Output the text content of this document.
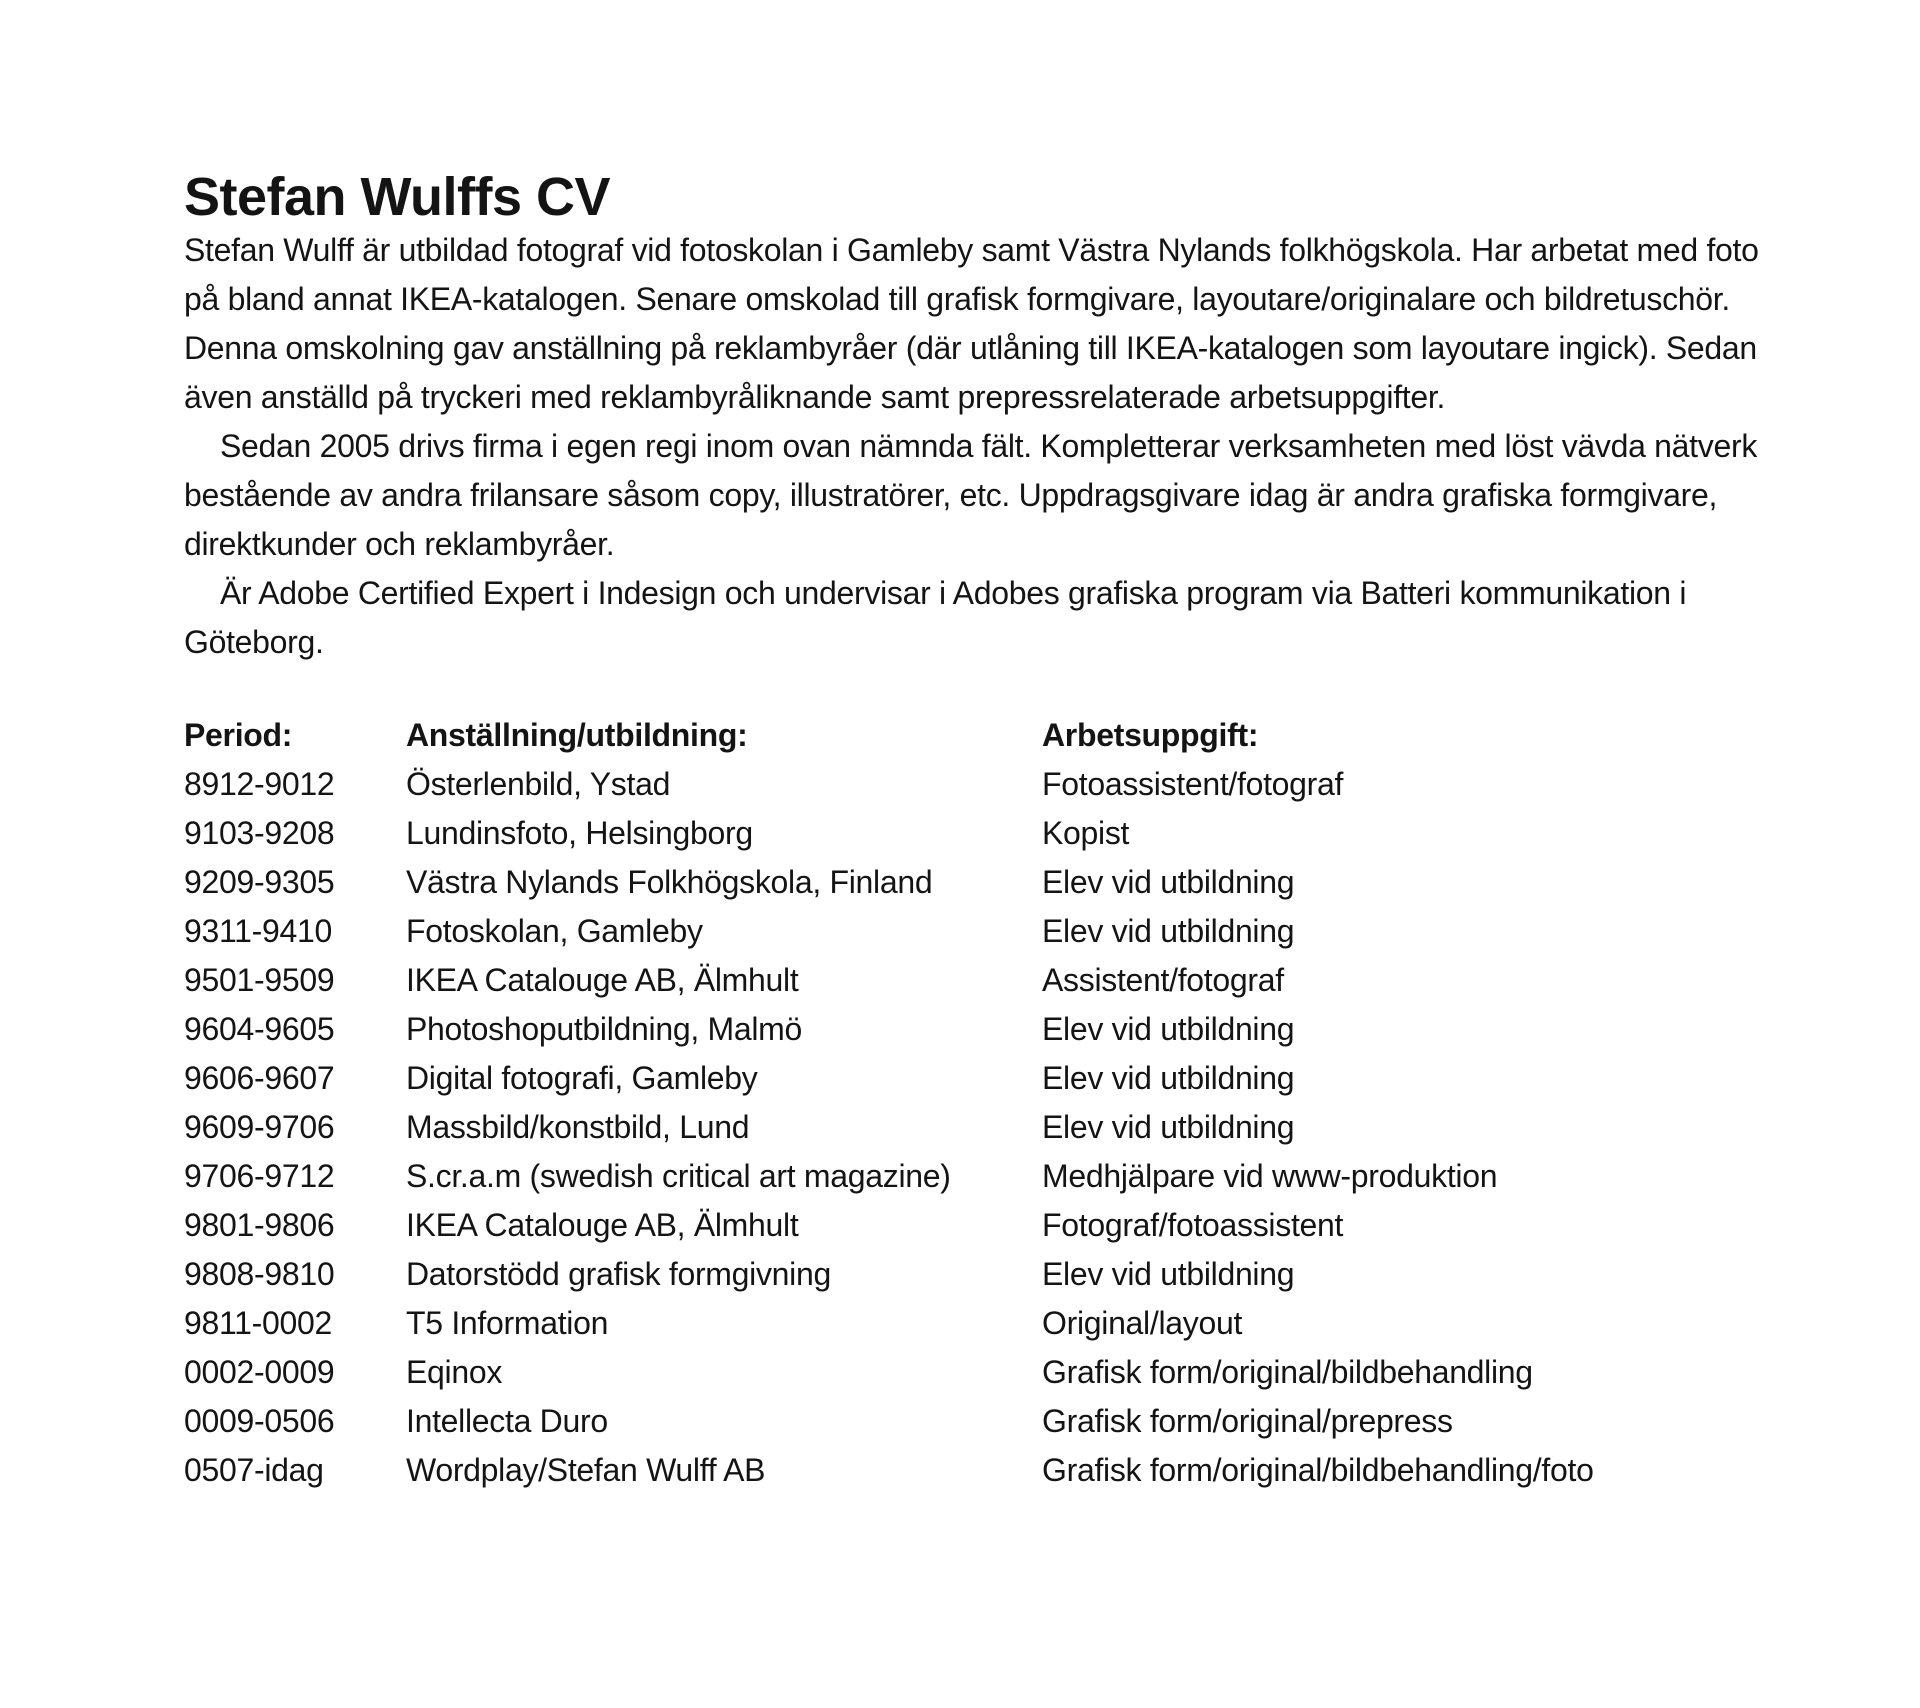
Stefan Wulffs CV

Stefan Wulff är utbildad fotograf vid fotoskolan i Gamleby samt Västra Nylands folkhögskola. Har arbetat med foto på bland annat IKEA-katalogen. Senare omskolad till grafisk formgivare, layoutare/originalare och bildretuschör. Denna omskolning gav anställning på reklambyråer (där utlåning till IKEA-katalogen som layoutare ingick). Sedan även anställd på tryckeri med reklambyråliknande samt prepressrelaterade arbetsuppgifter.

Sedan 2005 drivs firma i egen regi inom ovan nämnda fält. Kompletterar verksamheten med löst vävda nätverk bestående av andra frilansare såsom copy, illustratörer, etc. Uppdragsgivare idag är andra grafiska formgivare, direktkunder och reklambyråer.

Är Adobe Certified Expert i Indesign och undervisar i Adobes grafiska program via Batteri kommunikation i Göteborg.

Period:	Anställning/utbildning:	Arbetsuppgift:
8912-9012	Österlenbild, Ystad	Fotoassistent/fotograf
9103-9208	Lundinsfoto, Helsingborg	Kopist
9209-9305	Västra Nylands Folkhögskola, Finland	Elev vid utbildning
9311-9410	Fotoskolan, Gamleby	Elev vid utbildning
9501-9509	IKEA Catalouge AB, Älmhult	Assistent/fotograf
9604-9605	Photoshoputbildning, Malmö	Elev vid utbildning
9606-9607	Digital fotografi, Gamleby	Elev vid utbildning
9609-9706	Massbild/konstbild, Lund	Elev vid utbildning
9706-9712	S.cr.a.m (swedish critical art magazine)	Medhjälpare vid www-produktion
9801-9806	IKEA Catalouge AB, Älmhult	Fotograf/fotoassistent
9808-9810	Datorstödd grafisk formgivning	Elev vid utbildning
9811-0002	T5 Information	Original/layout
0002-0009	Eqinox	Grafisk form/original/bildbehandling
0009-0506	Intellecta Duro	Grafisk form/original/prepress
0507-idag	Wordplay/Stefan Wulff AB	Grafisk form/original/bildbehandling/foto
